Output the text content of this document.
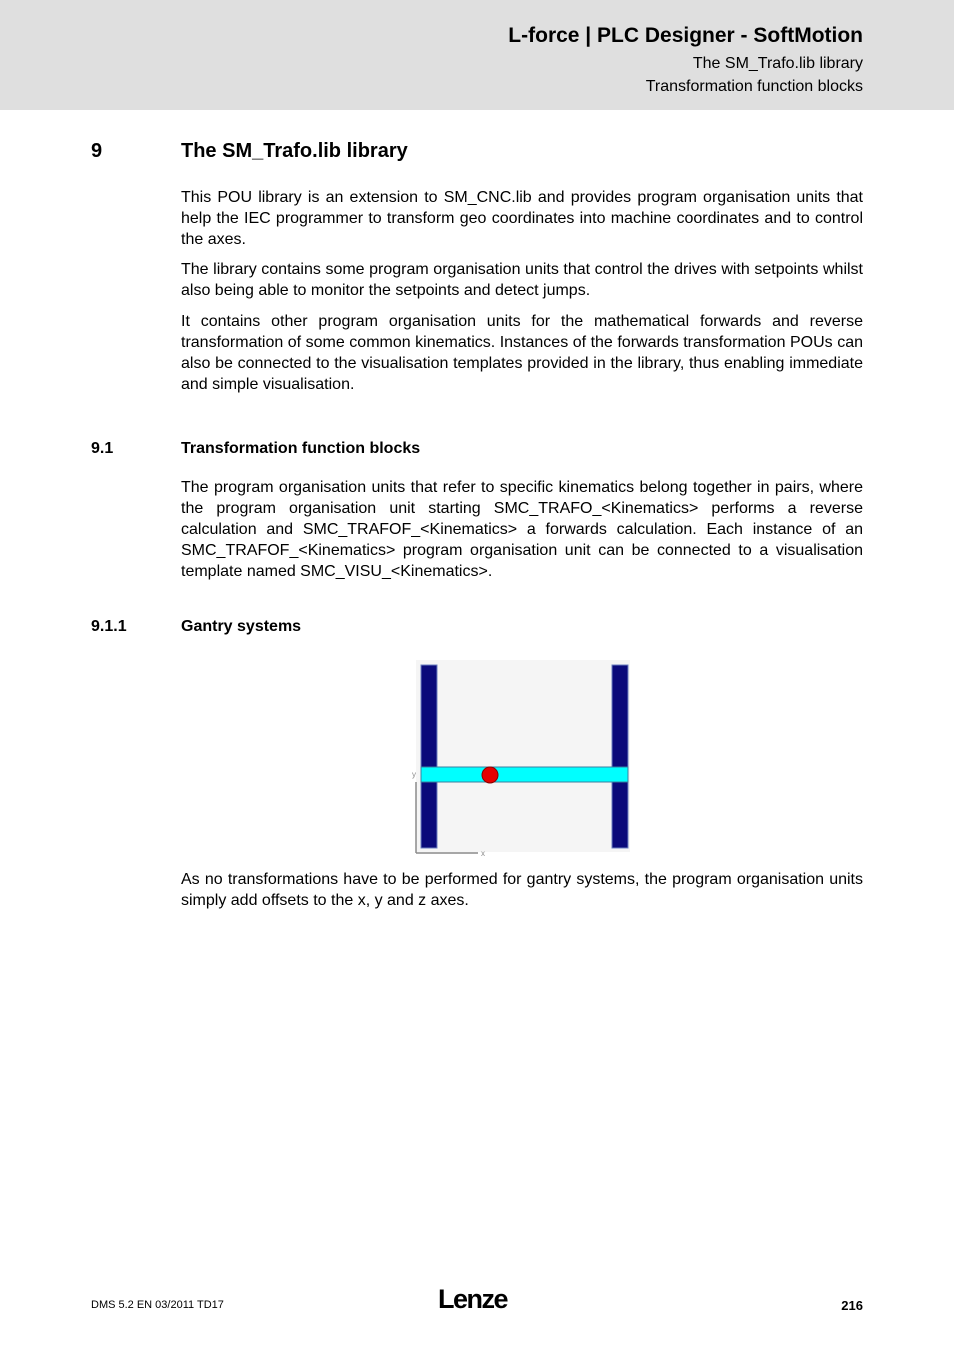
L-force | PLC Designer - SoftMotion
The SM_Trafo.lib library
Transformation function blocks
9	The SM_Trafo.lib library

This POU library is an extension to SM_CNC.lib and provides program organisation units that help the IEC programmer to transform geo coordinates into machine coordinates and to control the axes.

The library contains some program organisation units that control the drives with setpoints whilst also being able to monitor the setpoints and detect jumps.

It contains other program organisation units for the mathematical forwards and reverse transformation of some common kinematics. Instances of the forwards transformation POUs can also be connected to the visualisation templates provided in the library, thus enabling immediate and simple visualisation.

9.1	Transformation function blocks

The program organisation units that refer to specific kinematics belong together in pairs, where the program organisation unit starting SMC_TRAFO_<Kinematics> performs a reverse calculation and SMC_TRAFOF_<Kinematics> a forwards calculation. Each instance of an SMC_TRAFOF_<Kinematics> program organisation unit can be connected to a visualisation template named SMC_VISU_<Kinematics>.

9.1.1	Gantry systems
y
x

As no transformations have to be performed for gantry systems, the program organisation units simply add offsets to the x, y and z axes.

DMS 5.2 EN 03/2011 TD17	Lenze	216
